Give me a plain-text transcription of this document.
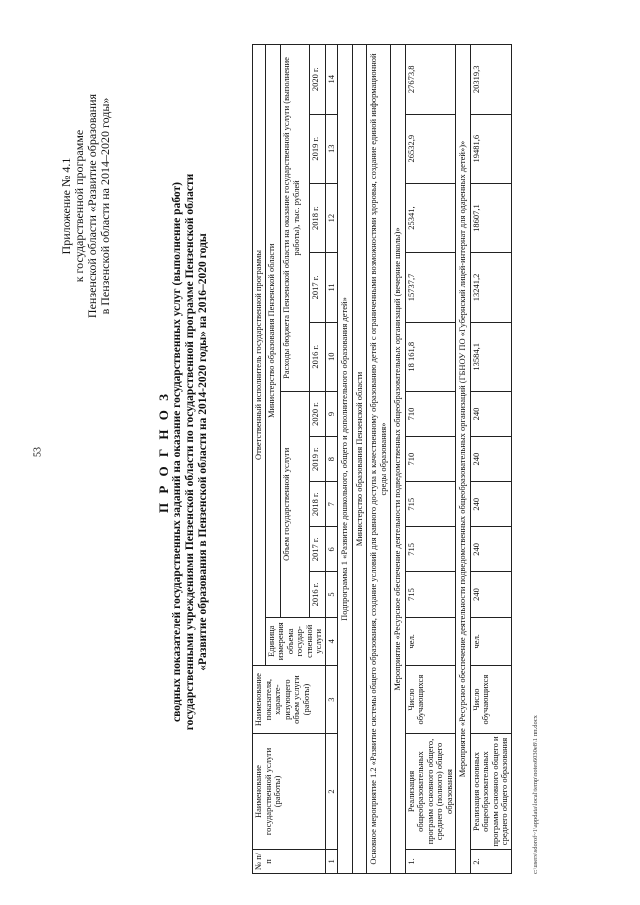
53
Приложение № 4.1 к государственной программе Пензенской области «Развитие образования в Пензенской области на 2014–2020 годы»
П Р О Г Н О З сводных показателей государственных заданий на оказание государственных услуг (выполнение работ) государственными учреждениями Пензенской области по государственной программе Пензенской области «Развитие образования в Пензенской области на 2014-2020 годы» на 2016–2020 годы
№ п/п	Наименование государственной услуги (работы)	Наименование показателя, характе-ризующего объем услуги (работы)	Ответственный исполнитель государственной программы										
			Единица измерения объема государ-ственной услуги	Министерство образования Пензенской области									
				Объем государственной услуги					Расходы бюджета Пензенской области на оказание государственной услуги (выполнение работы), тыс. рублей				
				2016 г.	2017 г.	2018 г.	2019 г.	2020 г.	2016 г.	2017 г.	2018 г.	2019 г.	2020 г.
1	2	3	4	5	6	7	8	9	10	11	12	13	14
Подпрограмма 1 «Развитие дошкольного, общего и дополнительного образования детей»													
Министерство образования Пензенской области													
Основное мероприятие 1.2 «Развитие системы общего образования, создание условий для равного доступа к качественному образованию детей с ограниченными возможностями здоровья, создание единой информационной среды образования»													
Мероприятие «Ресурсное обеспечение деятельности подведомственных общеобразовательных организаций (вечерние школы)»													
1.	Реализация общеобразовательных программ основного общего, среднего (полного) общего образования	Число обучающихся	чел.	715	715	715	710	710	18 161,8	15737,7	25341,	26532,9	27673,8
Мероприятие «Ресурсное обеспечение деятельности подведомственных общеобразовательных организаций (ГБНОУ ПО «Губернский лицей-интернат для одаренных детей»)»													
2.	Реализация основных общеобразовательных программ основного общего и среднего общего образования	Число обучающихся	чел.	240	240	240	240	240	13584,1	13241,2	18607,1	19481,6	20319,3
c:\users\sdorof~1\appdata\local\temp\notes6030e8\1 пп.docx
